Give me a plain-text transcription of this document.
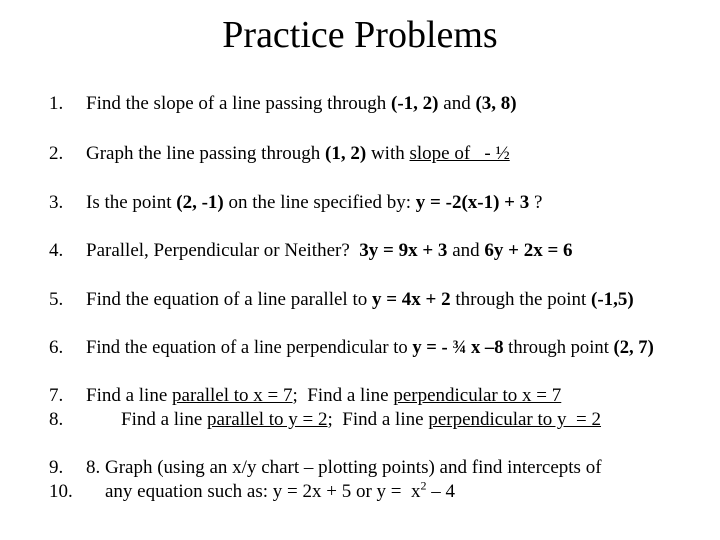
Practice Problems
1. Find the slope of a line passing through (-1, 2) and (3, 8)
2. Graph the line passing through (1, 2) with slope of   - ½
3. Is the point (2, -1) on the line specified by: y = -2(x-1) + 3 ?
4. Parallel, Perpendicular or Neither?  3y = 9x + 3 and 6y + 2x = 6
5. Find the equation of a line parallel to y = 4x + 2 through the point (-1,5)
6. Find the equation of a line perpendicular to y = - ¾ x –8 through point (2, 7)
7. Find a line parallel to x = 7;  Find a line perpendicular to x = 7
8.	Find a line parallel to y = 2;  Find a line perpendicular to y  = 2
9. 8. Graph (using an x/y chart – plotting points) and find intercepts of
10. any equation such as: y = 2x + 5 or $y = x^2 - 4$
